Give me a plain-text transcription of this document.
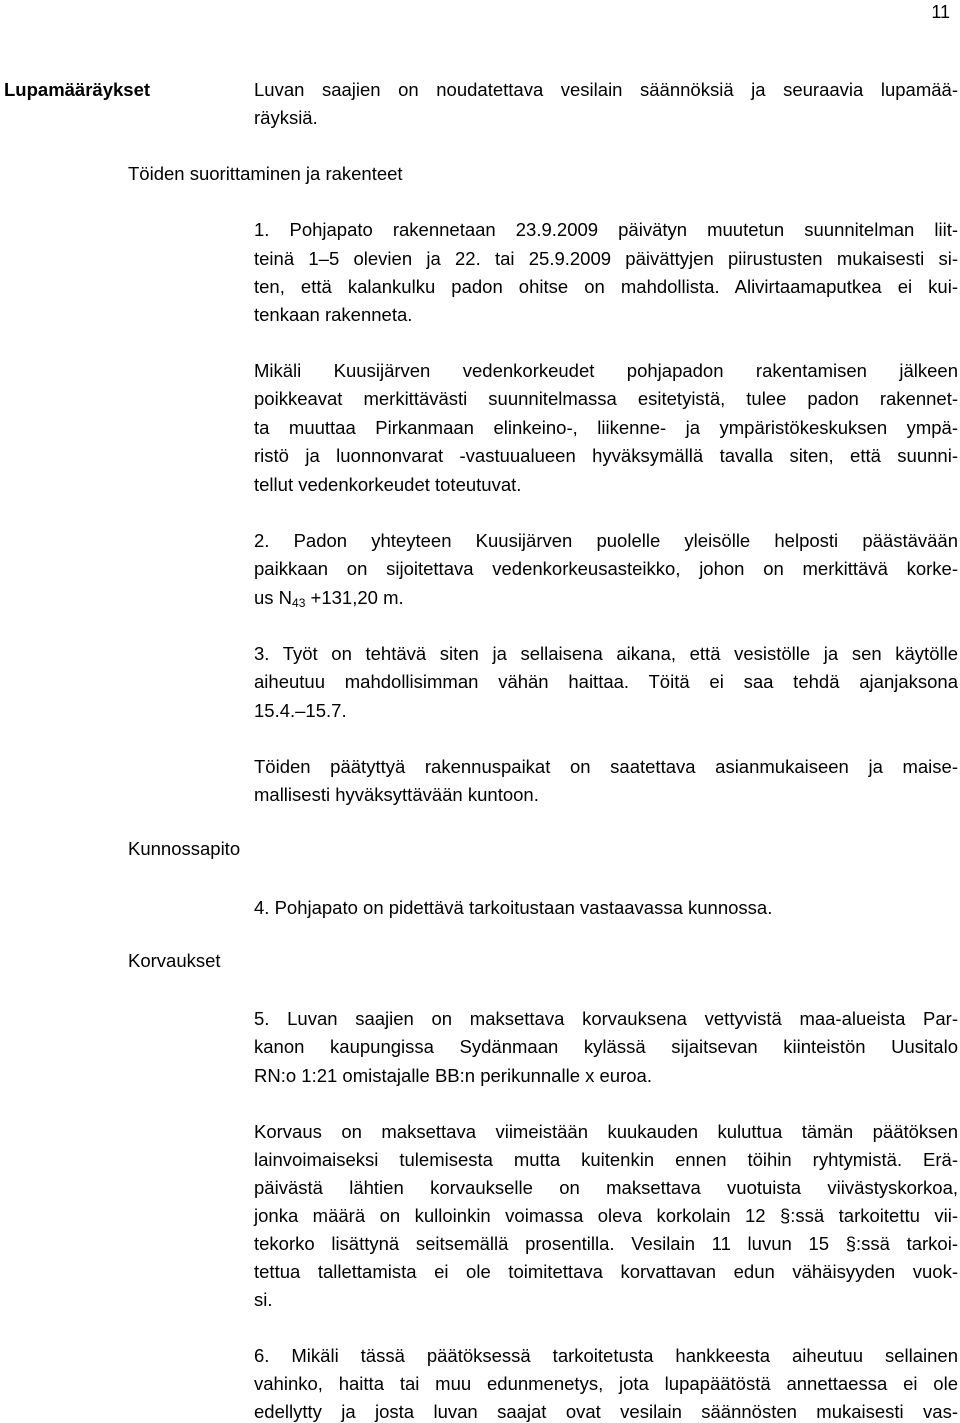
11
Lupamääräykset
Töiden suorittaminen ja rakenteet
Kunnossapito
Korvaukset
Luvan saajien on noudatettava vesilain säännöksiä ja seuraavia lupamää-
räyksiä.
1. Pohjapato rakennetaan 23.9.2009 päivätyn muutetun suunnitelman liit-
teinä 1–5 olevien ja 22. tai 25.9.2009 päivättyjen piirustusten mukaisesti si-
ten, että kalankulku padon ohitse on mahdollista. Alivirtaamaputkea ei kui-
tenkaan rakenneta.
Mikäli Kuusijärven vedenkorkeudet pohjapadon rakentamisen jälkeen
poikkeavat merkittävästi suunnitelmassa esitetyistä, tulee padon rakennet-
ta muuttaa Pirkanmaan elinkeino-, liikenne- ja ympäristökeskuksen ympä-
ristö ja luonnonvarat -vastuualueen hyväksymällä tavalla siten, että suunni-
tellut vedenkorkeudet toteutuvat.
2. Padon yhteyteen Kuusijärven puolelle yleisölle helposti päästävään
paikkaan on sijoitettava vedenkorkeusasteikko, johon on merkittävä korke-
us $N_{43} +131,20$ m.
3. Työt on tehtävä siten ja sellaisena aikana, että vesistölle ja sen käytölle
aiheutuu mahdollisimman vähän haittaa. Töitä ei saa tehdä ajanjaksona
15.4.–15.7.
Töiden päätyttyä rakennuspaikat on saatettava asianmukaiseen ja maise-
mallisesti hyväksyttävään kuntoon.
4. Pohjapato on pidettävä tarkoitustaan vastaavassa kunnossa.
5. Luvan saajien on maksettava korvauksena vettyvistä maa-alueista Par-
kanon kaupungissa Sydänmaan kylässä sijaitsevan kiinteistön Uusitalo
RN:o 1:21 omistajalle BB:n perikunnalle x euroa.
Korvaus on maksettava viimeistään kuukauden kuluttua tämän päätöksen
lainvoimaiseksi tulemisesta mutta kuitenkin ennen töihin ryhtymistä. Erä-
päivästä lähtien korvaukselle on maksettava vuotuista viivästyskorkoa,
jonka määrä on kulloinkin voimassa oleva korkolain 12 §:ssä tarkoitettu vii-
tekorko lisättynä seitsemällä prosentilla. Vesilain 11 luvun 15 §:ssä tarkoi-
tettua tallettamista ei ole toimitettava korvattavan edun vähäisyyden vuok-
si.
6. Mikäli tässä päätöksessä tarkoitetusta hankkeesta aiheutuu sellainen
vahinko, haitta tai muu edunmenetys, jota lupapäätöstä annettaessa ei ole
edellytty ja josta luvan saajat ovat vesilain säännösten mukaisesti vas-
